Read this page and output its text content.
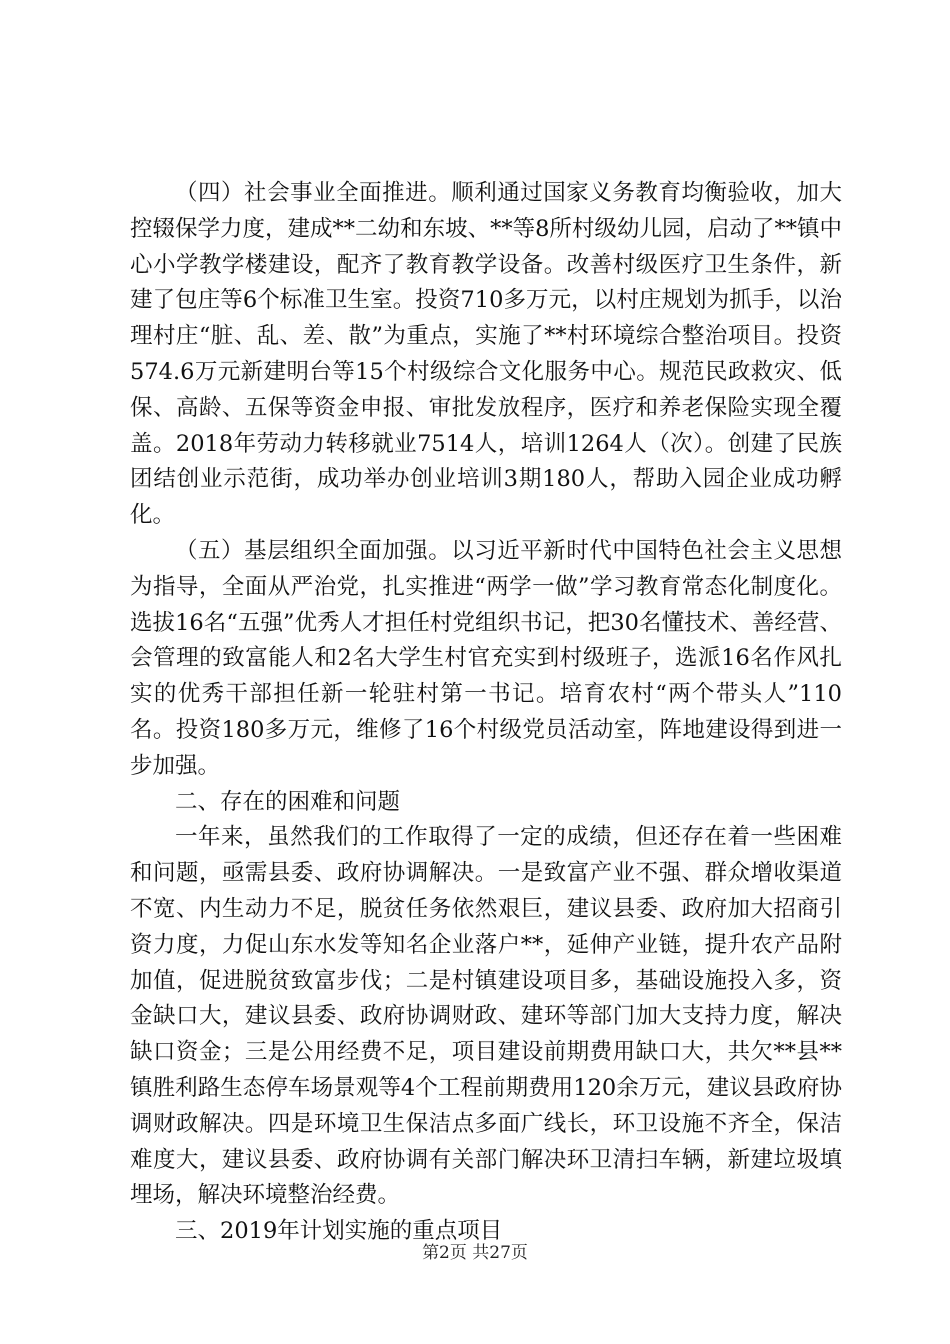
（四）社会事业全面推进。顺利通过国家义务教育均衡验收，加大控辍保学力度，建成**二幼和东坡、**等8所村级幼儿园，启动了**镇中心小学教学楼建设，配齐了教育教学设备。改善村级医疗卫生条件，新建了包庄等6个标准卫生室。投资710多万元，以村庄规划为抓手，以治理村庄“脏、乱、差、散”为重点，实施了**村环境综合整治项目。投资574.6万元新建明台等15个村级综合文化服务中心。规范民政救灾、低保、高龄、五保等资金申报、审批发放程序，医疗和养老保险实现全覆盖。2018年劳动力转移就业7514人，培训1264人（次）。创建了民族团结创业示范街，成功举办创业培训3期180人，帮助入园企业成功孵化。

（五）基层组织全面加强。以习近平新时代中国特色社会主义思想为指导，全面从严治党，扎实推进“两学一做”学习教育常态化制度化。选拔16名“五强”优秀人才担任村党组织书记，把30名懂技术、善经营、会管理的致富能人和2名大学生村官充实到村级班子，选派16名作风扎实的优秀干部担任新一轮驻村第一书记。培育农村“两个带头人”110名。投资180多万元，维修了16个村级党员活动室，阵地建设得到进一步加强。

二、存在的困难和问题

一年来，虽然我们的工作取得了一定的成绩，但还存在着一些困难和问题，亟需县委、政府协调解决。一是致富产业不强、群众增收渠道不宽、内生动力不足，脱贫任务依然艰巨，建议县委、政府加大招商引资力度，力促山东水发等知名企业落户**，延伸产业链，提升农产品附加值，促进脱贫致富步伐；二是村镇建设项目多，基础设施投入多，资金缺口大，建议县委、政府协调财政、建环等部门加大支持力度，解决缺口资金；三是公用经费不足，项目建设前期费用缺口大，共欠**县**镇胜利路生态停车场景观等4个工程前期费用120余万元，建议县政府协调财政解决。四是环境卫生保洁点多面广线长，环卫设施不齐全，保洁难度大，建议县委、政府协调有关部门解决环卫清扫车辆，新建垃圾填埋场，解决环境整治经费。

三、2019年计划实施的重点项目

第2页 共27页
